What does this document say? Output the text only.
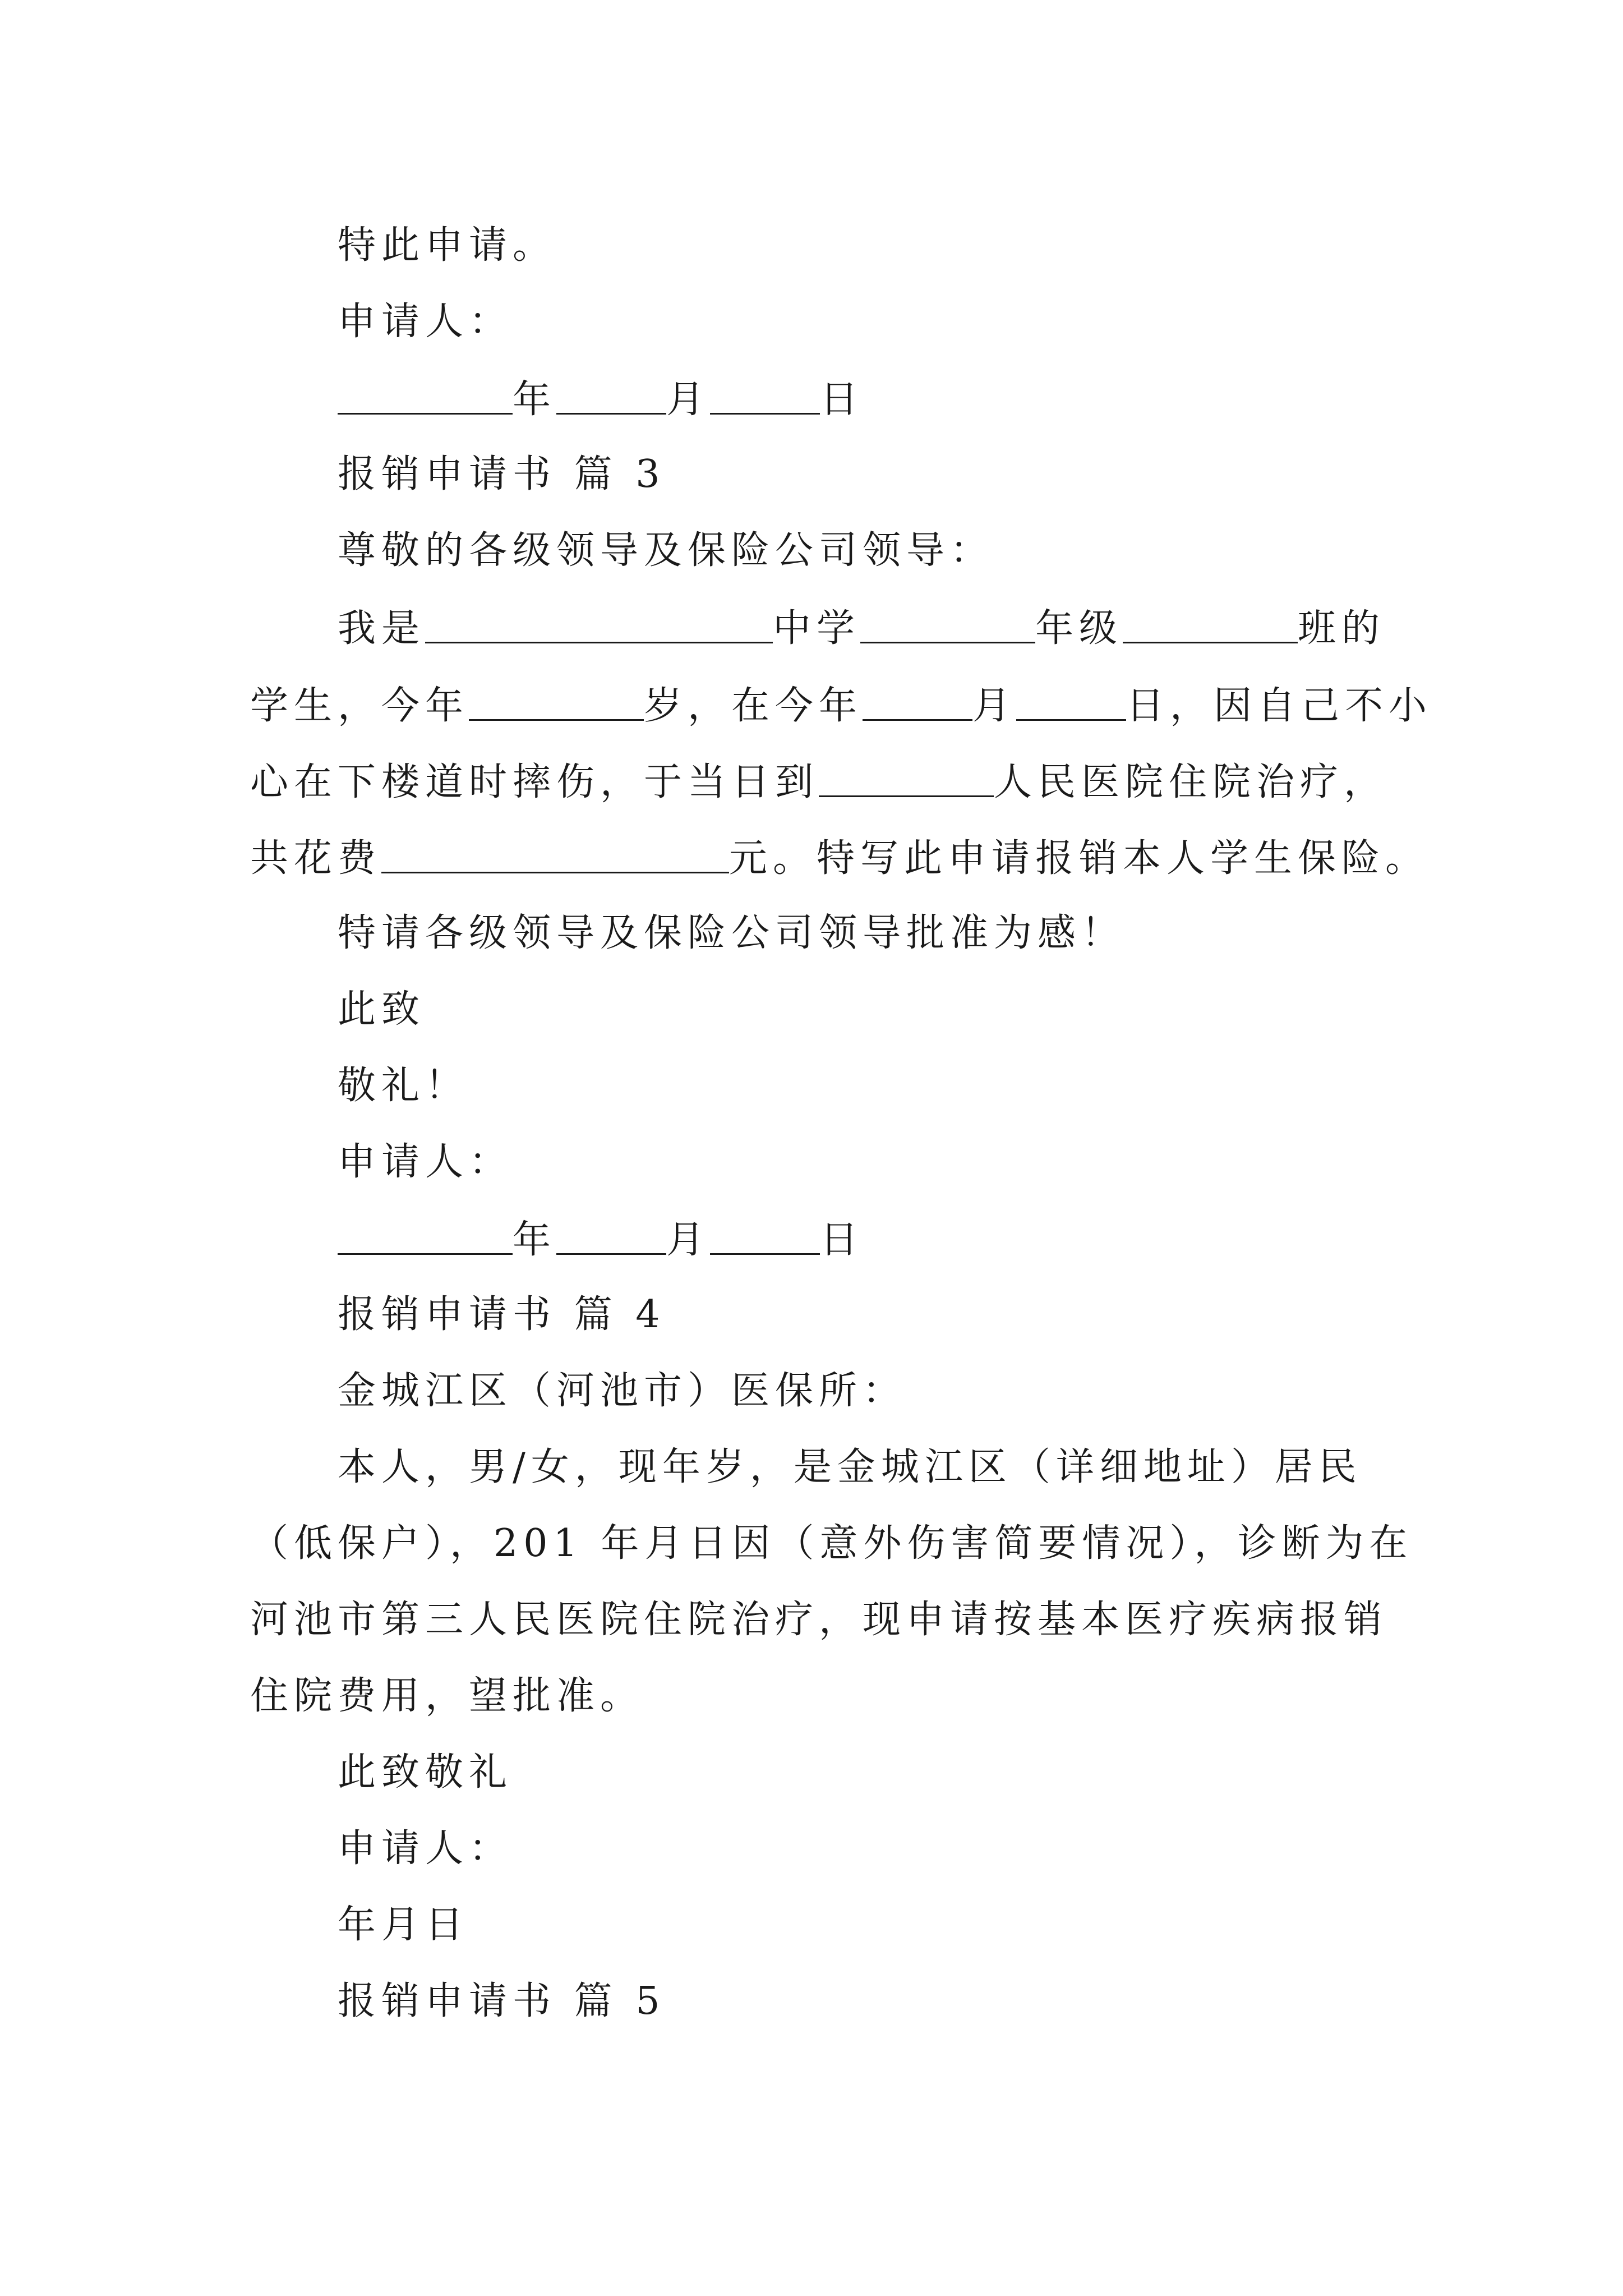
特此申请。
申请人：
年	月	日
报销申请书 篇 3
尊敬的各级领导及保险公司领导：
我是	中学	年级	班的
学生，今年	岁，在今年	月	日，因自己不小
心在下楼道时摔伤，于当日到	人民医院住院治疗，
共花费	元。特写此申请报销本人学生保险。
特请各级领导及保险公司领导批准为感！
此致
敬礼！
申请人：
年	月	日
报销申请书 篇 4
金城江区（河池市）医保所：
本人，男/女，现年岁，是金城江区（详细地址）居民
（低保户），201 年月日因（意外伤害简要情况），诊断为在
河池市第三人民医院住院治疗，现申请按基本医疗疾病报销
住院费用，望批准。
此致敬礼
申请人：
年月日
报销申请书 篇 5
